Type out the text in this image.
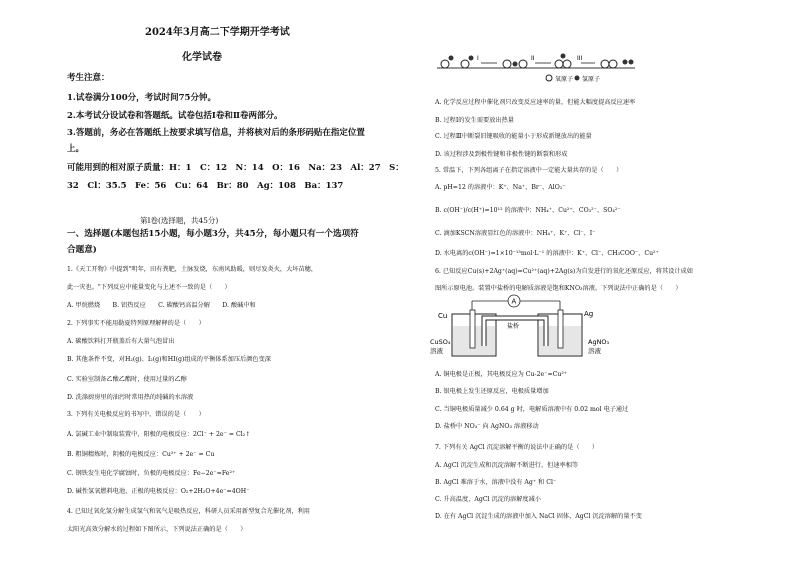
2024年3月高二下学期开学考试
化学试卷
考生注意：
1.试卷满分100分，考试时间75分钟。
2.本考试分设试卷和答题纸。试卷包括Ⅰ卷和Ⅱ卷两部分。
3.答题前，务必在答题纸上按要求填写信息，并将核对后的条形码贴在指定位置
上。
可能用到的相对原子质量：H：1　C：12　N：14　O：16　Na：23　Al：27　S：
32　Cl：35.5　Fe：56　Cu：64　Br：80　Ag：108　Ba：137
第Ⅰ卷(选择题，共45分)
一、选择题(本题包括15小题，每小题3分，共45分，每小题只有一个选项符
合题意)
1.《天工开物》中提到"明年，田有粪肥，土脉发烧，东南风助暖，则尽发炎火，大坏苗穗，
此一灾也。"下列反应中能量变化与上述不一致的是（　　）
A. 甲烷燃烧　　B. 铝热反应　　C. 碳酸钙高温分解　　D. 酸碱中和
2. 下列事实不能用勒夏特列原理解释的是（　　）
A. 碳酸饮料打开瓶盖后有大量气泡冒出
B. 其他条件不变，对H₂(g)、I₂(g)和HI(g)组成的平衡体系加压后颜色变深
C. 实验室制备乙酸乙酯时，使用过量的乙醇
D. 洗涤厨房里的油污时常用热的纯碱的水溶液
3. 下列有关电极反应的书写中，错误的是（　　）
A. 氯碱工业中制取装置中，阳极的电极反应：2Cl⁻ + 2e⁻ = Cl₂↑
B. 粗铜精炼时，阴极的电极反应：Cu²⁺ + 2e⁻ = Cu
C. 钢铁发生电化学腐蚀时，负极的电极反应：Fe−2e⁻=Fe²⁺
D. 碱性氢氧燃料电池，正极的电极反应：O₂+2H₂O+4e⁻=4OH⁻
4. 已知过氧化氢分解生成氢气和氧气是吸热反应，科研人员采用新型复合光催化剂，利用
太阳光高效分解水的过程如下图所示，下列说法正确的是（　　）
I	II	III
氧原子 氢原子
A. 化学反应过程中催化剂只改变反应速率的量，但能大幅度提高反应速率
B. 过程Ⅰ的发生需要放出热量
C. 过程Ⅲ中断裂旧键吸收的能量小于形成新键放出的能量
D. 该过程涉及到极性键和非极性键的断裂和形成
5. 常温下，下列各组离子在指定溶液中一定能大量共存的是（　　）
A. pH=12 的溶液中：K⁺、Na⁺、Br⁻、AlO₂⁻
B. c(OH⁻)/c(H⁺)=10¹² 的溶液中：NH₄⁺、Cu²⁺、CO₃²⁻、SO₄²⁻
C. 滴加KSCN溶液显红色的溶液中：NH₄⁺、K⁺、Cl⁻、I⁻
D. 水电离的c(OH⁻)=1×10⁻¹³mol·L⁻¹ 的溶液中：K⁺、Cl⁻、CH₃COO⁻、Cu²⁺
6. 已知反应Cu(s)+2Ag⁺(aq)=Cu²⁺(aq)+2Ag(s)为自发进行的氧化还原反应，将其设计成如
图所示原电池。装置中盐桥的电解质溶液是饱和KNO₃溶液。下列说法中正确的是（　　）
A
Cu	Ag
盐桥
CuSO₄
溶液
AgNO₃
溶液
A. 铜电极是正极，其电极反应为 Cu-2e⁻=Cu²⁺
B. 银电极上发生还原反应，电极质量增加
C. 当铜电极质量减少 0.64 g 时，电解质溶液中有 0.02 mol 电子通过
D. 盐桥中 NO₃⁻ 向 AgNO₃ 溶液移动
7. 下列有关 AgCl 沉淀溶解平衡的说法中正确的是（　　）
A. AgCl 沉淀生成和沉淀溶解不断进行，但速率相等
B. AgCl 难溶于水，溶液中没有 Ag⁺ 和 Cl⁻
C. 升高温度，AgCl 沉淀的溶解度减小
D. 在有 AgCl 沉淀生成的溶液中加入 NaCl 固体，AgCl 沉淀溶解的量不变
